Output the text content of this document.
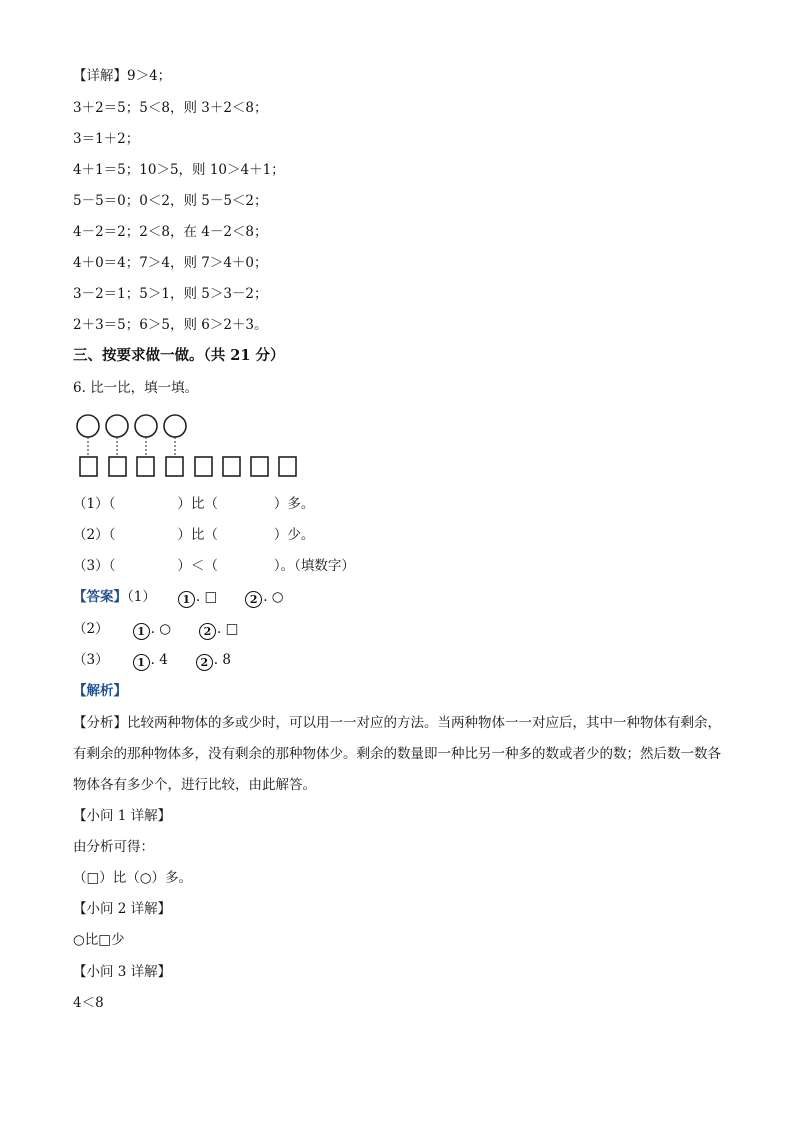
【详解】9＞4；
3＋2＝5；5＜8，则 3＋2＜8；
3＝1＋2；
4＋1＝5；10＞5，则 10＞4＋1；
5－5＝0；0＜2，则 5－5＜2；
4－2＝2；2＜8，在 4－2＜8；
4＋0＝4；7＞4，则 7＞4＋0；
3－2＝1；5＞1，则 5＞3－2；
2＋3＝5；6＞5，则 6＞2＋3。
三、按要求做一做。（共 21 分）
6. 比一比，填一填。
（1）（	）比（	）多。
（2）（	）比（	）少。
（3）（	）＜（	）。（填数字）
【答案】（1） 1 . □	2 . ○
（2）	1 . ○	2 . □
（3）	1 . 4	2 . 8
【解析】
【分析】比较两种物体的多或少时，可以用一一对应的方法。当两种物体一一对应后，其中一种物体有剩余，有剩余的那种物体多，没有剩余的那种物体少。剩余的数量即一种比另一种多的数或者少的数；然后数一数各物体各有多少个，进行比较，由此解答。
【小问 1 详解】
由分析可得：
（□）比（○）多。
【小问 2 详解】
○比□少
【小问 3 详解】
4＜8
